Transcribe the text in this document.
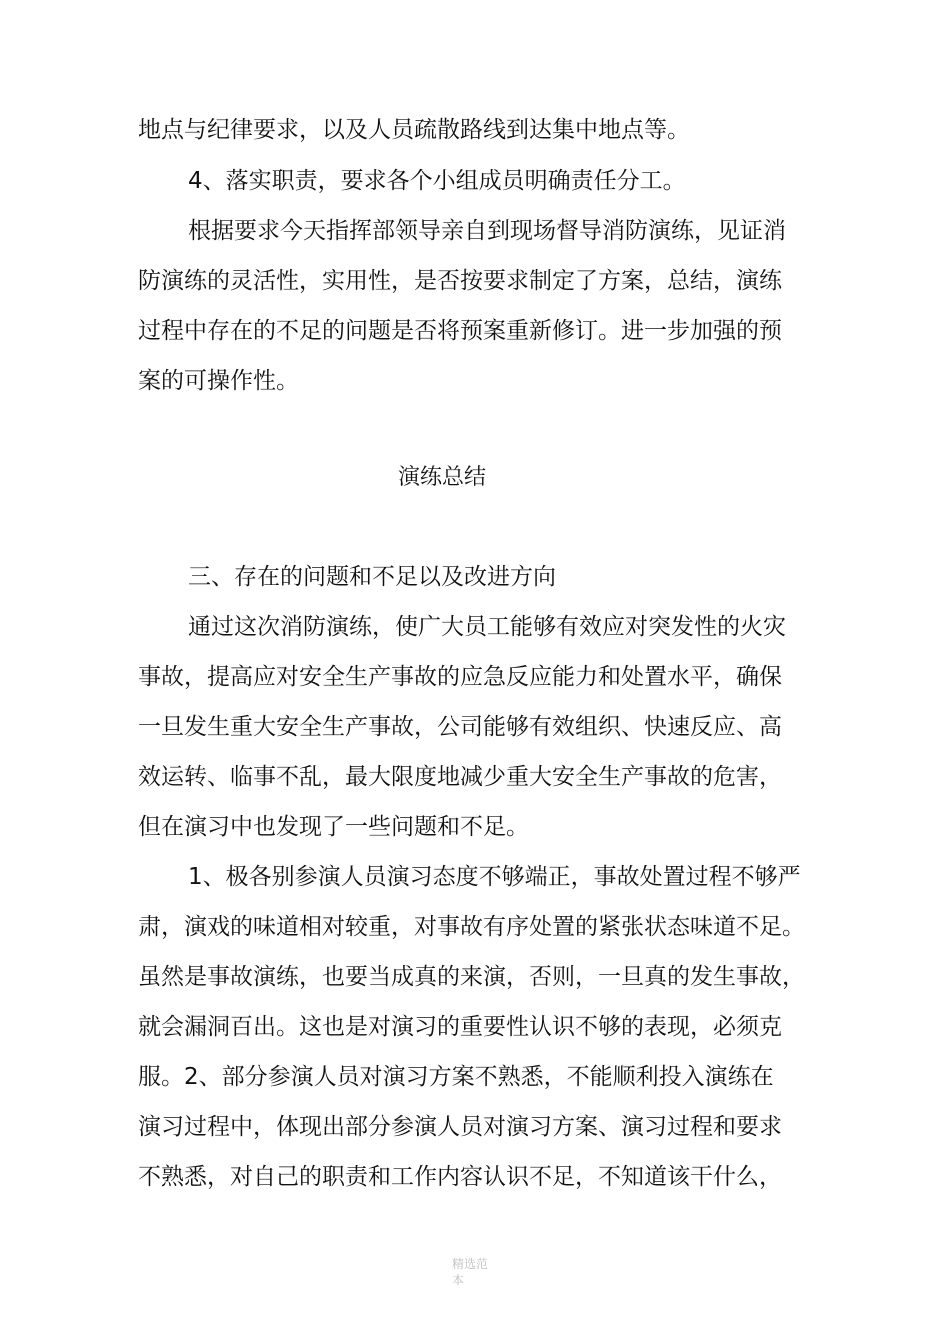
地点与纪律要求，以及人员疏散路线到达集中地点等。
4、落实职责，要求各个小组成员明确责任分工。
根据要求今天指挥部领导亲自到现场督导消防演练，见证消
防演练的灵活性，实用性，是否按要求制定了方案，总结，演练
过程中存在的不足的问题是否将预案重新修订。进一步加强的预
案的可操作性。
演练总结
三、存在的问题和不足以及改进方向
通过这次消防演练，使广大员工能够有效应对突发性的火灾
事故，提高应对安全生产事故的应急反应能力和处置水平，确保
一旦发生重大安全生产事故，公司能够有效组织、快速反应、高
效运转、临事不乱，最大限度地减少重大安全生产事故的危害，
但在演习中也发现了一些问题和不足。
1、极各别参演人员演习态度不够端正，事故处置过程不够严
肃，演戏的味道相对较重，对事故有序处置的紧张状态味道不足。
虽然是事故演练，也要当成真的来演，否则，一旦真的发生事故，
就会漏洞百出。这也是对演习的重要性认识不够的表现，必须克
服。2、部分参演人员对演习方案不熟悉，不能顺利投入演练在
演习过程中，体现出部分参演人员对演习方案、演习过程和要求
不熟悉，对自己的职责和工作内容认识不足，不知道该干什么，
精选范
本
